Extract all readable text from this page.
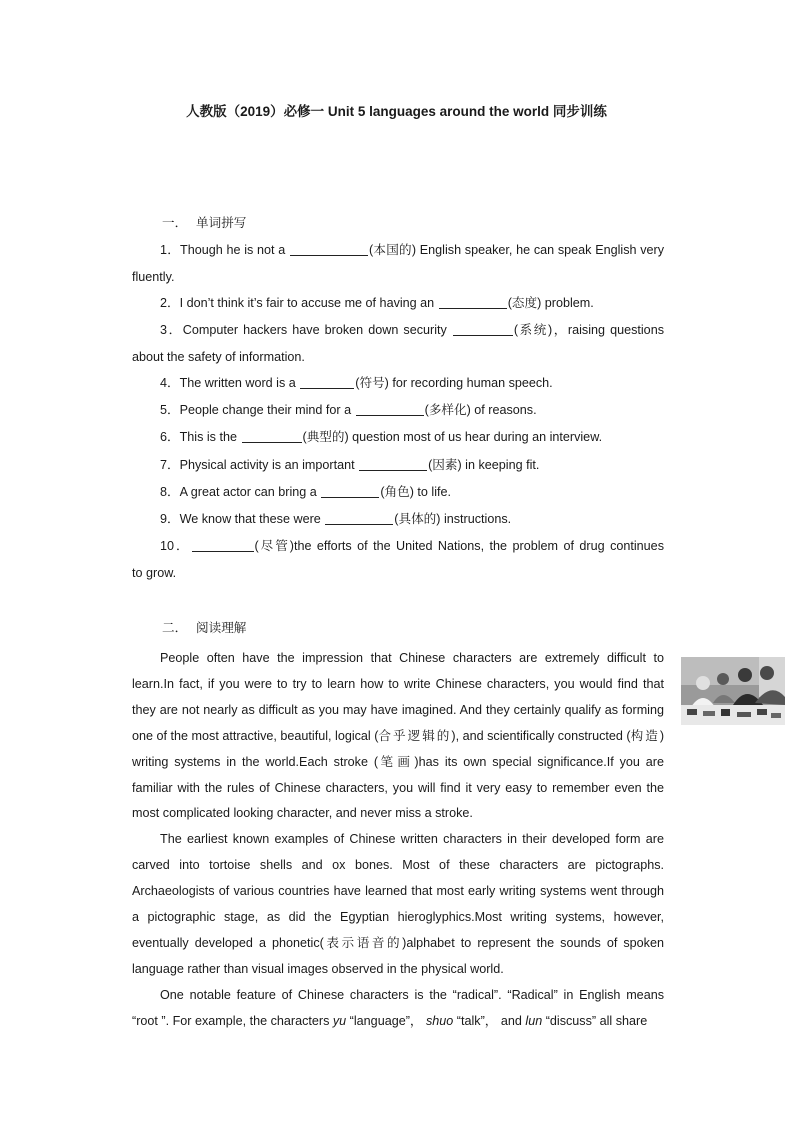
人教版（2019）必修一 Unit 5 languages around the world 同步训练
一． 单词拼写
1．Though he is not a	(本国的) English speaker, he can speak English very
fluently.
2．I don’t think it’s fair to accuse me of having an	(态度) problem.
3．Computer hackers have broken down security	(系统)，raising questions
about the safety of information.
4．The written word is a	(符号) for recording human speech.
5．People change their mind for a	(多样化) of reasons.
6．This is the	(典型的) question most of us hear during an interview.
7．Physical activity is an important	(因素) in keeping fit.
8．A great actor can bring a	(角色) to life.
9．We know that these were	(具体的) instructions.
10．	(尽管)the efforts of the United Nations, the problem of drug continues
to grow.
二． 阅读理解

People often have the impression that Chinese characters are extremely difficult to learn.In fact, if you were to try to learn how to write Chinese characters, you would find that they are not nearly as difficult as you may have imagined. And they certainly qualify as forming one of the most attractive, beautiful, logical (合乎逻辑的), and scientifically constructed (构造) writing systems in the world.Each stroke (笔画)has its own special significance.If you are familiar with the rules of Chinese characters, you will find it very easy to remember even the most complicated looking character, and never miss a stroke.

The earliest known examples of Chinese written characters in their developed form are carved into tortoise shells and ox bones. Most of these characters are pictographs. Archaeologists of various countries have learned that most early writing systems went through a pictographic stage, as did the Egyptian hieroglyphics.Most writing systems, however, eventually developed a phonetic(表示语音的)alphabet to represent the sounds of spoken language rather than visual images observed in the physical world.

One notable feature of Chinese characters is the “radical”. “Radical” in English means “root ”. For example, the characters yu “language”， shuo “talk”， and lun “discuss” all share
